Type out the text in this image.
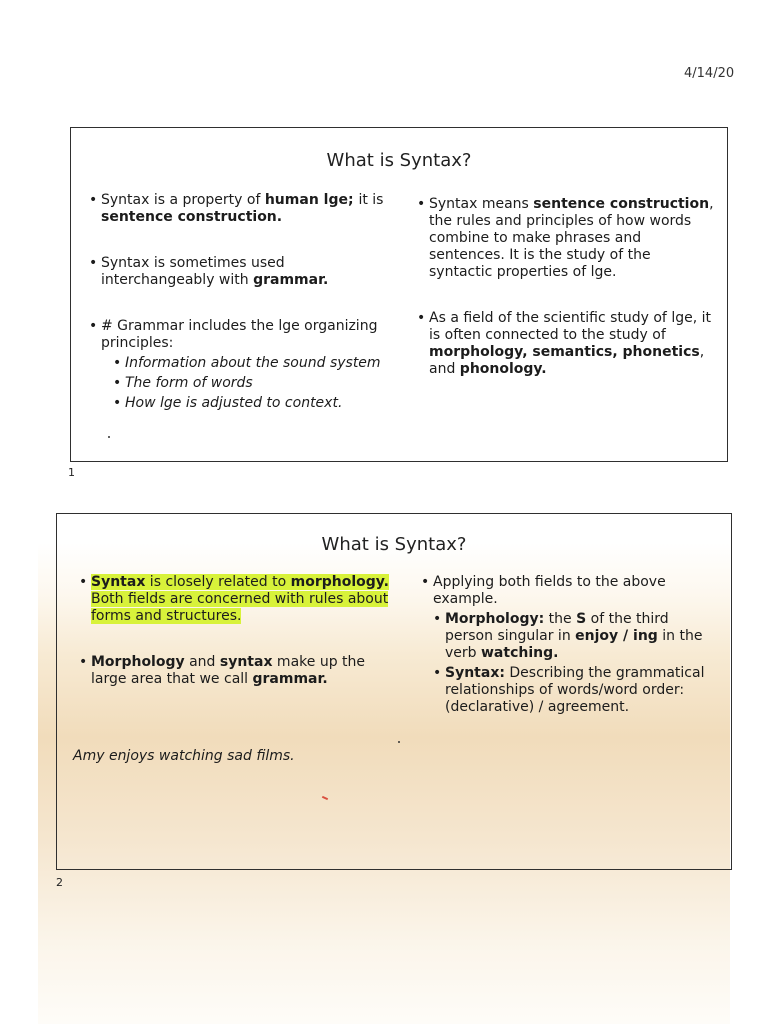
4/14/20
What is Syntax?
• Syntax is a property of human lge; it is sentence construction.
• Syntax is sometimes used interchangeably with grammar.
• # Grammar includes the lge organizing principles:
• Information about the sound system
• The form of words
• How lge is adjusted to context.
• Syntax means sentence construction, the rules and principles of how words combine to make phrases and sentences. It is the study of the syntactic properties of lge.
• As a field of the scientific study of lge, it is often connected to the study of morphology, semantics, phonetics, and phonology.
1
What is Syntax?
• Syntax is closely related to morphology. Both fields are concerned with rules about forms and structures.
• Morphology and syntax make up the large area that we call grammar.
Amy enjoys watching sad films.
• Applying both fields to the above example.
• Morphology: the S of the third person singular in enjoy / ing in the verb watching.
• Syntax: Describing the grammatical relationships of words/word order: (declarative) / agreement.
2
